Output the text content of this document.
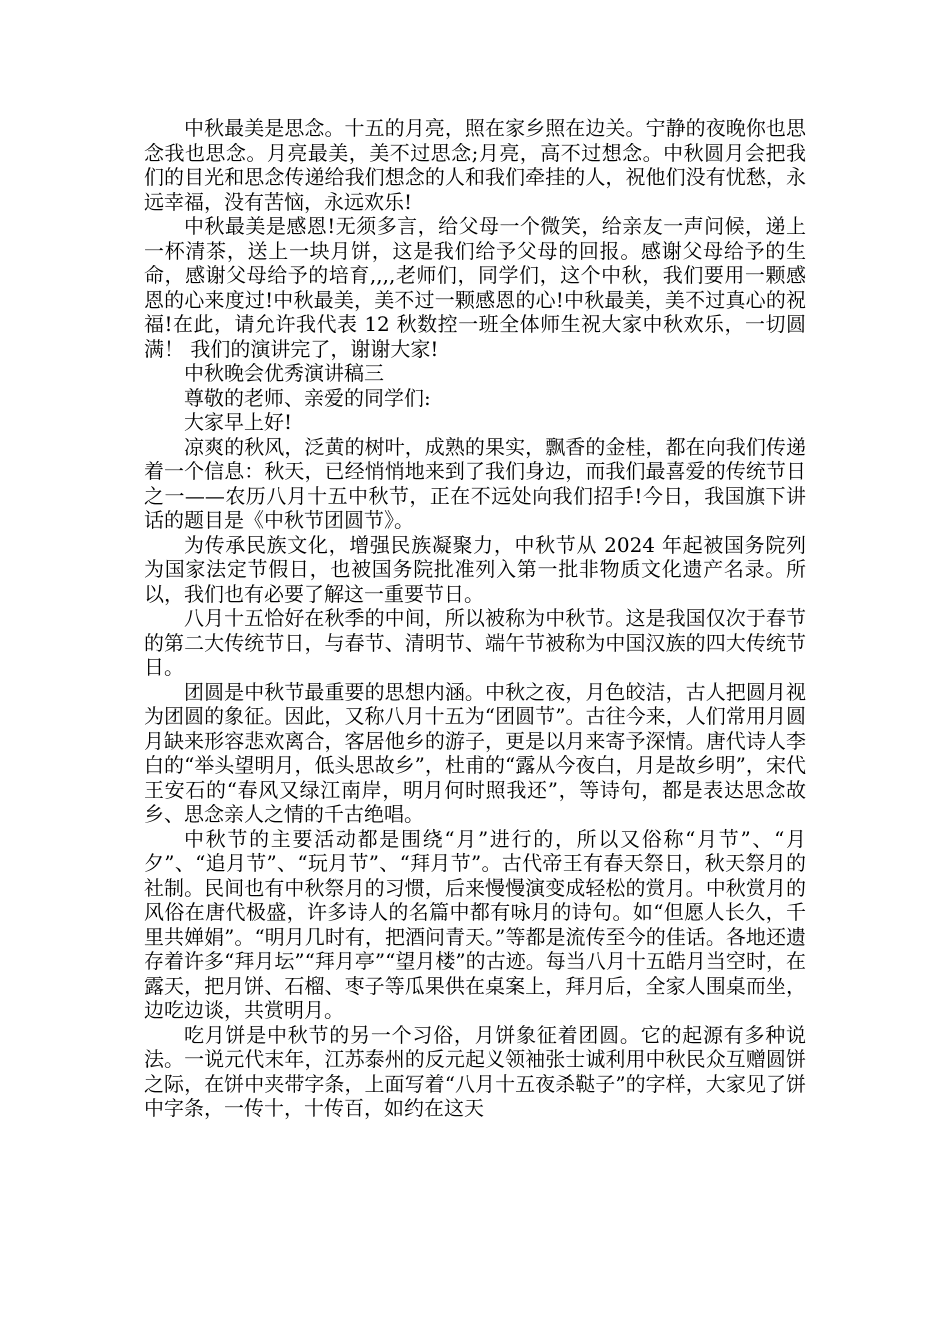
中秋最美是思念。十五的月亮，照在家乡照在边关。宁静的夜晚你也思念我也思念。月亮最美，美不过思念;月亮，高不过想念。中秋圆月会把我们的目光和思念传递给我们想念的人和我们牵挂的人，祝他们没有忧愁，永远幸福，没有苦恼，永远欢乐!

中秋最美是感恩!无须多言，给父母一个微笑，给亲友一声问候，递上一杯清茶，送上一块月饼，这是我们给予父母的回报。感谢父母给予的生命，感谢父母给予的培育,,,,老师们，同学们，这个中秋，我们要用一颗感恩的心来度过!中秋最美，美不过一颗感恩的心!中秋最美，美不过真心的祝福!在此，请允许我代表 12 秋数控一班全体师生祝大家中秋欢乐，一切圆满！ 我们的演讲完了，谢谢大家!

中秋晚会优秀演讲稿三

尊敬的老师、亲爱的同学们:

大家早上好!

凉爽的秋风，泛黄的树叶，成熟的果实，飘香的金桂，都在向我们传递着一个信息：秋天，已经悄悄地来到了我们身边，而我们最喜爱的传统节日之一——农历八月十五中秋节，正在不远处向我们招手!今日，我国旗下讲话的题目是《中秋节团圆节》。

为传承民族文化，增强民族凝聚力，中秋节从 2024 年起被国务院列为国家法定节假日，也被国务院批准列入第一批非物质文化遗产名录。所以，我们也有必要了解这一重要节日。

八月十五恰好在秋季的中间，所以被称为中秋节。这是我国仅次于春节的第二大传统节日，与春节、清明节、端午节被称为中国汉族的四大传统节日。

团圆是中秋节最重要的思想内涵。中秋之夜，月色皎洁，古人把圆月视为团圆的象征。因此，又称八月十五为“团圆节”。古往今来，人们常用月圆月缺来形容悲欢离合，客居他乡的游子，更是以月来寄予深情。唐代诗人李白的“举头望明月，低头思故乡”，杜甫的“露从今夜白，月是故乡明”，宋代王安石的“春风又绿江南岸，明月何时照我还”，等诗句，都是表达思念故乡、思念亲人之情的千古绝唱。

中秋节的主要活动都是围绕“月”进行的，所以又俗称“月节”、“月夕”、“追月节”、“玩月节”、“拜月节”。古代帝王有春天祭日，秋天祭月的社制。民间也有中秋祭月的习惯，后来慢慢演变成轻松的赏月。中秋赏月的风俗在唐代极盛，许多诗人的名篇中都有咏月的诗句。如“但愿人长久，千里共婵娟”。“明月几时有，把酒问青天。”等都是流传至今的佳话。各地还遗存着许多“拜月坛”“拜月亭”“望月楼”的古迹。每当八月十五皓月当空时，在露天，把月饼、石榴、枣子等瓜果供在桌案上，拜月后，全家人围桌而坐，边吃边谈，共赏明月。

吃月饼是中秋节的另一个习俗，月饼象征着团圆。它的起源有多种说法。一说元代末年，江苏泰州的反元起义领袖张士诚利用中秋民众互赠圆饼之际，在饼中夹带字条，上面写着“八月十五夜杀鞑子”的字样，大家见了饼中字条，一传十，十传百，如约在这天
